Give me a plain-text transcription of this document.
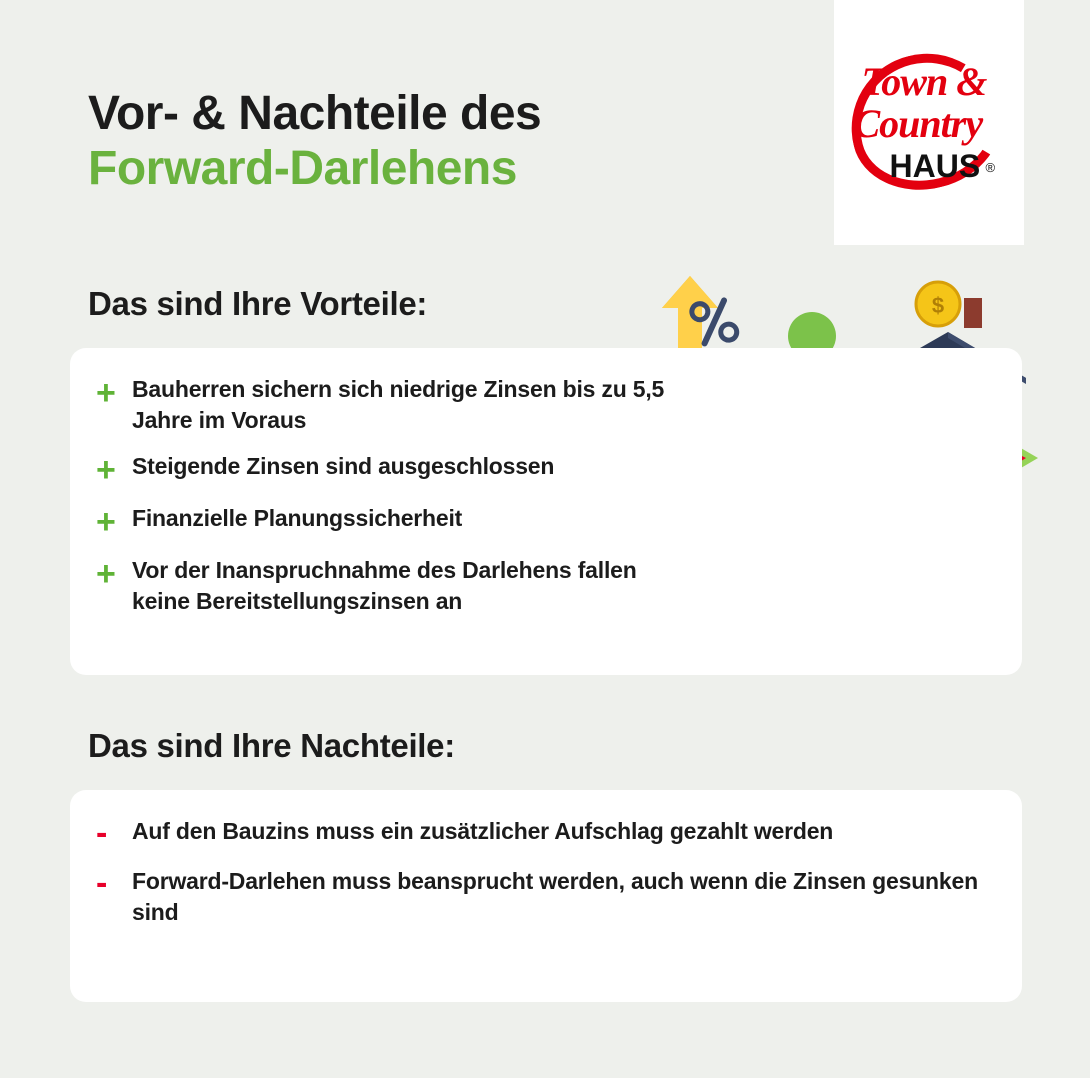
Town &
Country
HAUS ®
Vor- & Nachteile des
Forward-Darlehens
Das sind Ihre Vorteile:	$
+ Bauherren sichern sich niedrige Zinsen bis zu 5,5 Jahre im Voraus
+ Steigende Zinsen sind ausgeschlossen
+ Finanzielle Planungssicherheit
+ Vor der Inanspruchnahme des Darlehens fallen keine Bereitstellungszinsen an
Das sind Ihre Nachteile:
-	Auf den Bauzins muss ein zusätzlicher Aufschlag gezahlt werden
-	Forward-Darlehen muss beansprucht werden, auch wenn die Zinsen gesunken sind
